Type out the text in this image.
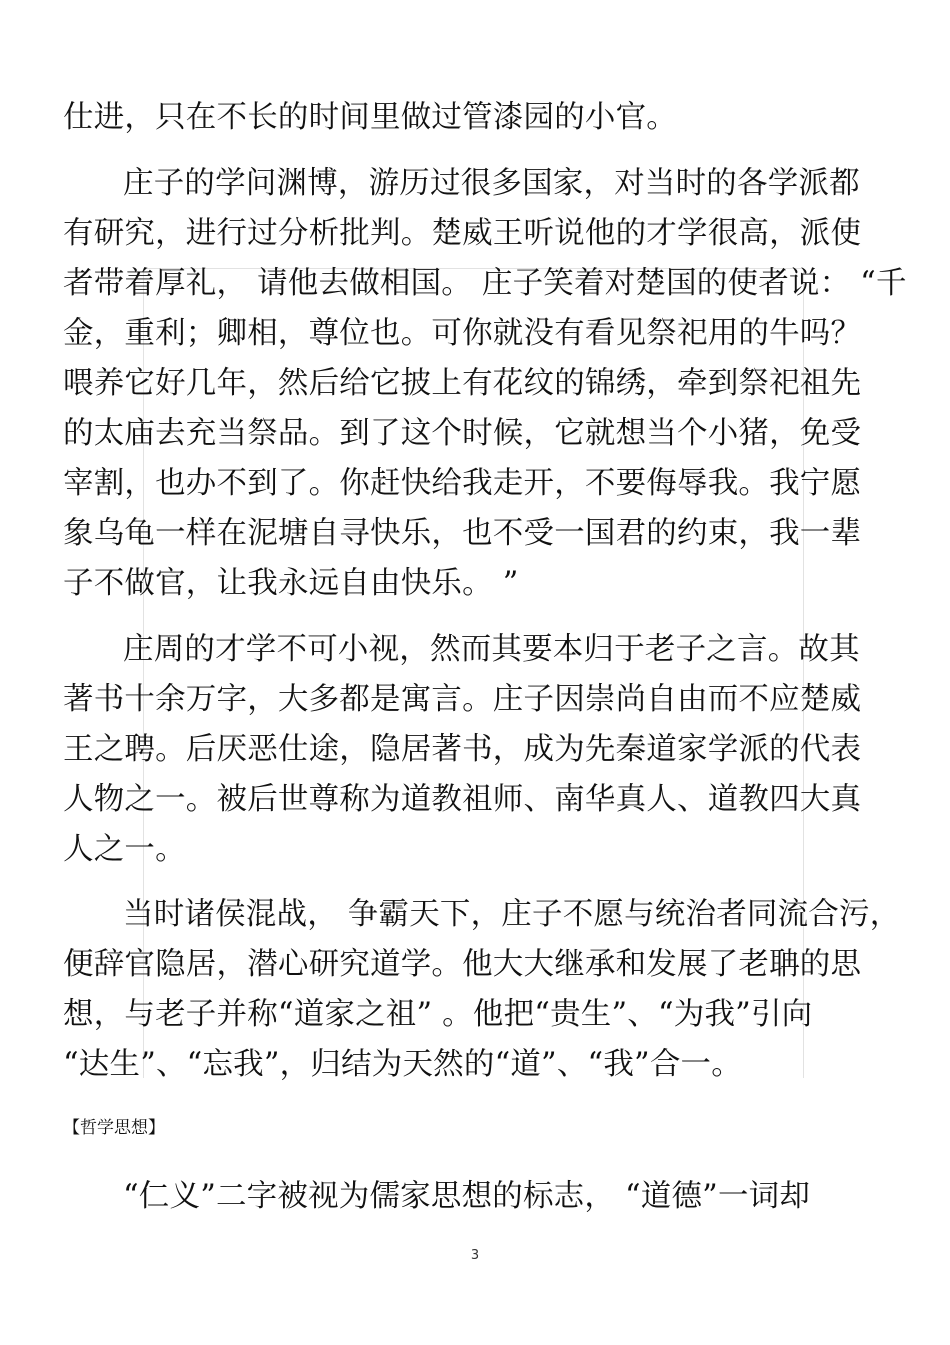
仕进，只在不长的时间里做过管漆园的小官。
庄子的学问渊博，游历过很多国家，对当时的各学派都
有研究，进行过分析批判。楚威王听说他的才学很高，派使
者带着厚礼， 请他去做相国。 庄子笑着对楚国的使者说： “千
金，重利；卿相，尊位也。可你就没有看见祭祀用的牛吗？
喂养它好几年，然后给它披上有花纹的锦绣，牵到祭祀祖先
的太庙去充当祭品。到了这个时候，它就想当个小猪，免受
宰割，也办不到了。你赶快给我走开，不要侮辱我。我宁愿
象乌龟一样在泥塘自寻快乐，也不受一国君的约束，我一辈
子不做官，让我永远自由快乐。 ”
庄周的才学不可小视，然而其要本归于老子之言。故其
著书十余万字，大多都是寓言。庄子因崇尚自由而不应楚威
王之聘。后厌恶仕途，隐居著书，成为先秦道家学派的代表
人物之一。被后世尊称为道教祖师、南华真人、道教四大真
人之一。
当时诸侯混战， 争霸天下，庄子不愿与统治者同流合污，
便辞官隐居，潜心研究道学。他大大继承和发展了老聃的思
想，与老子并称“道家之祖” 。他把“贵生”、“为我”引向
“达生”、“忘我”，归结为天然的“道”、“我”合一。
【哲学思想】
“仁义”二字被视为儒家思想的标志， “道德”一词却
3
